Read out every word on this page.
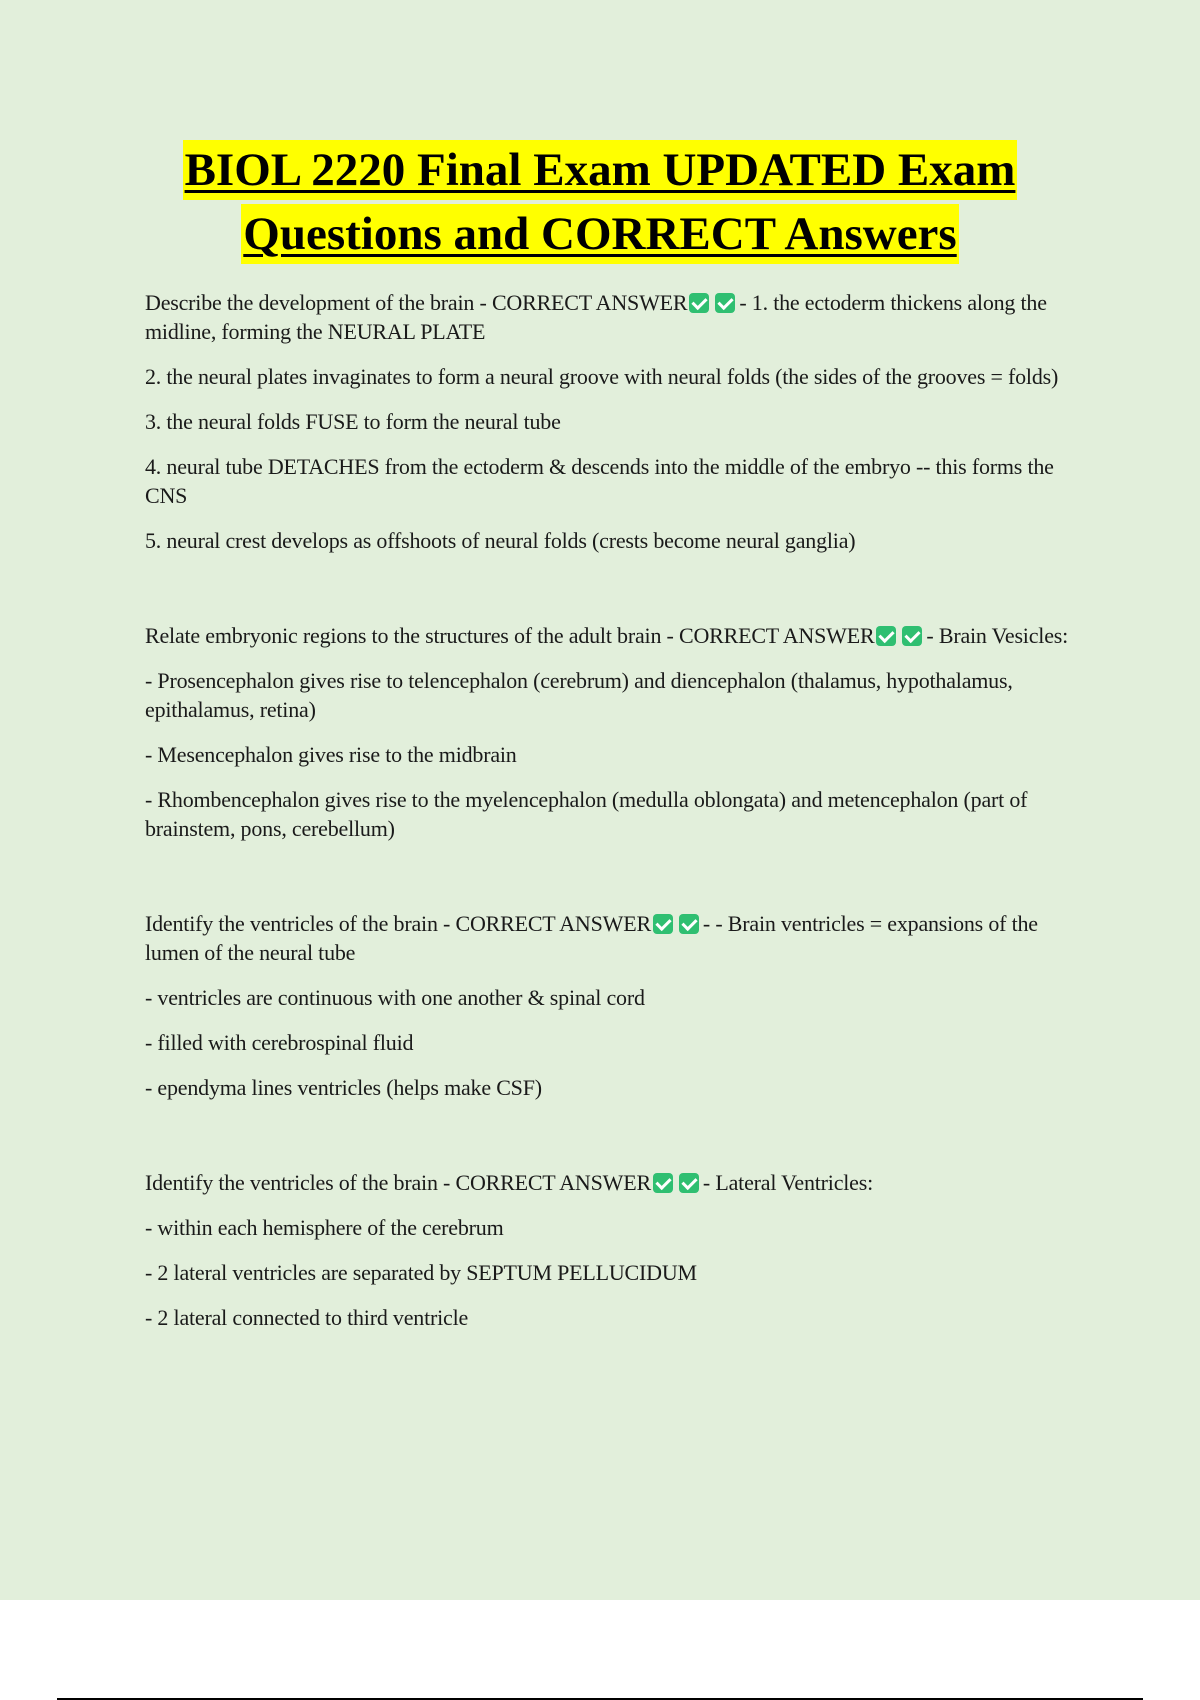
BIOL 2220 Final Exam UPDATED Exam
Questions and CORRECT Answers

Describe the development of the brain - CORRECT ANSWER - 1. the ectoderm thickens along the midline, forming the NEURAL PLATE

2. the neural plates invaginates to form a neural groove with neural folds (the sides of the grooves = folds)

3. the neural folds FUSE to form the neural tube

4. neural tube DETACHES from the ectoderm & descends into the middle of the embryo -- this forms the CNS

5. neural crest develops as offshoots of neural folds (crests become neural ganglia)

Relate embryonic regions to the structures of the adult brain - CORRECT ANSWER - Brain Vesicles:

- Prosencephalon gives rise to telencephalon (cerebrum) and diencephalon (thalamus, hypothalamus, epithalamus, retina)

- Mesencephalon gives rise to the midbrain

- Rhombencephalon gives rise to the myelencephalon (medulla oblongata) and metencephalon (part of brainstem, pons, cerebellum)

Identify the ventricles of the brain - CORRECT ANSWER - - Brain ventricles = expansions of the lumen of the neural tube

- ventricles are continuous with one another & spinal cord

- filled with cerebrospinal fluid

- ependyma lines ventricles (helps make CSF)

Identify the ventricles of the brain - CORRECT ANSWER - Lateral Ventricles:

- within each hemisphere of the cerebrum

- 2 lateral ventricles are separated by SEPTUM PELLUCIDUM

- 2 lateral connected to third ventricle
